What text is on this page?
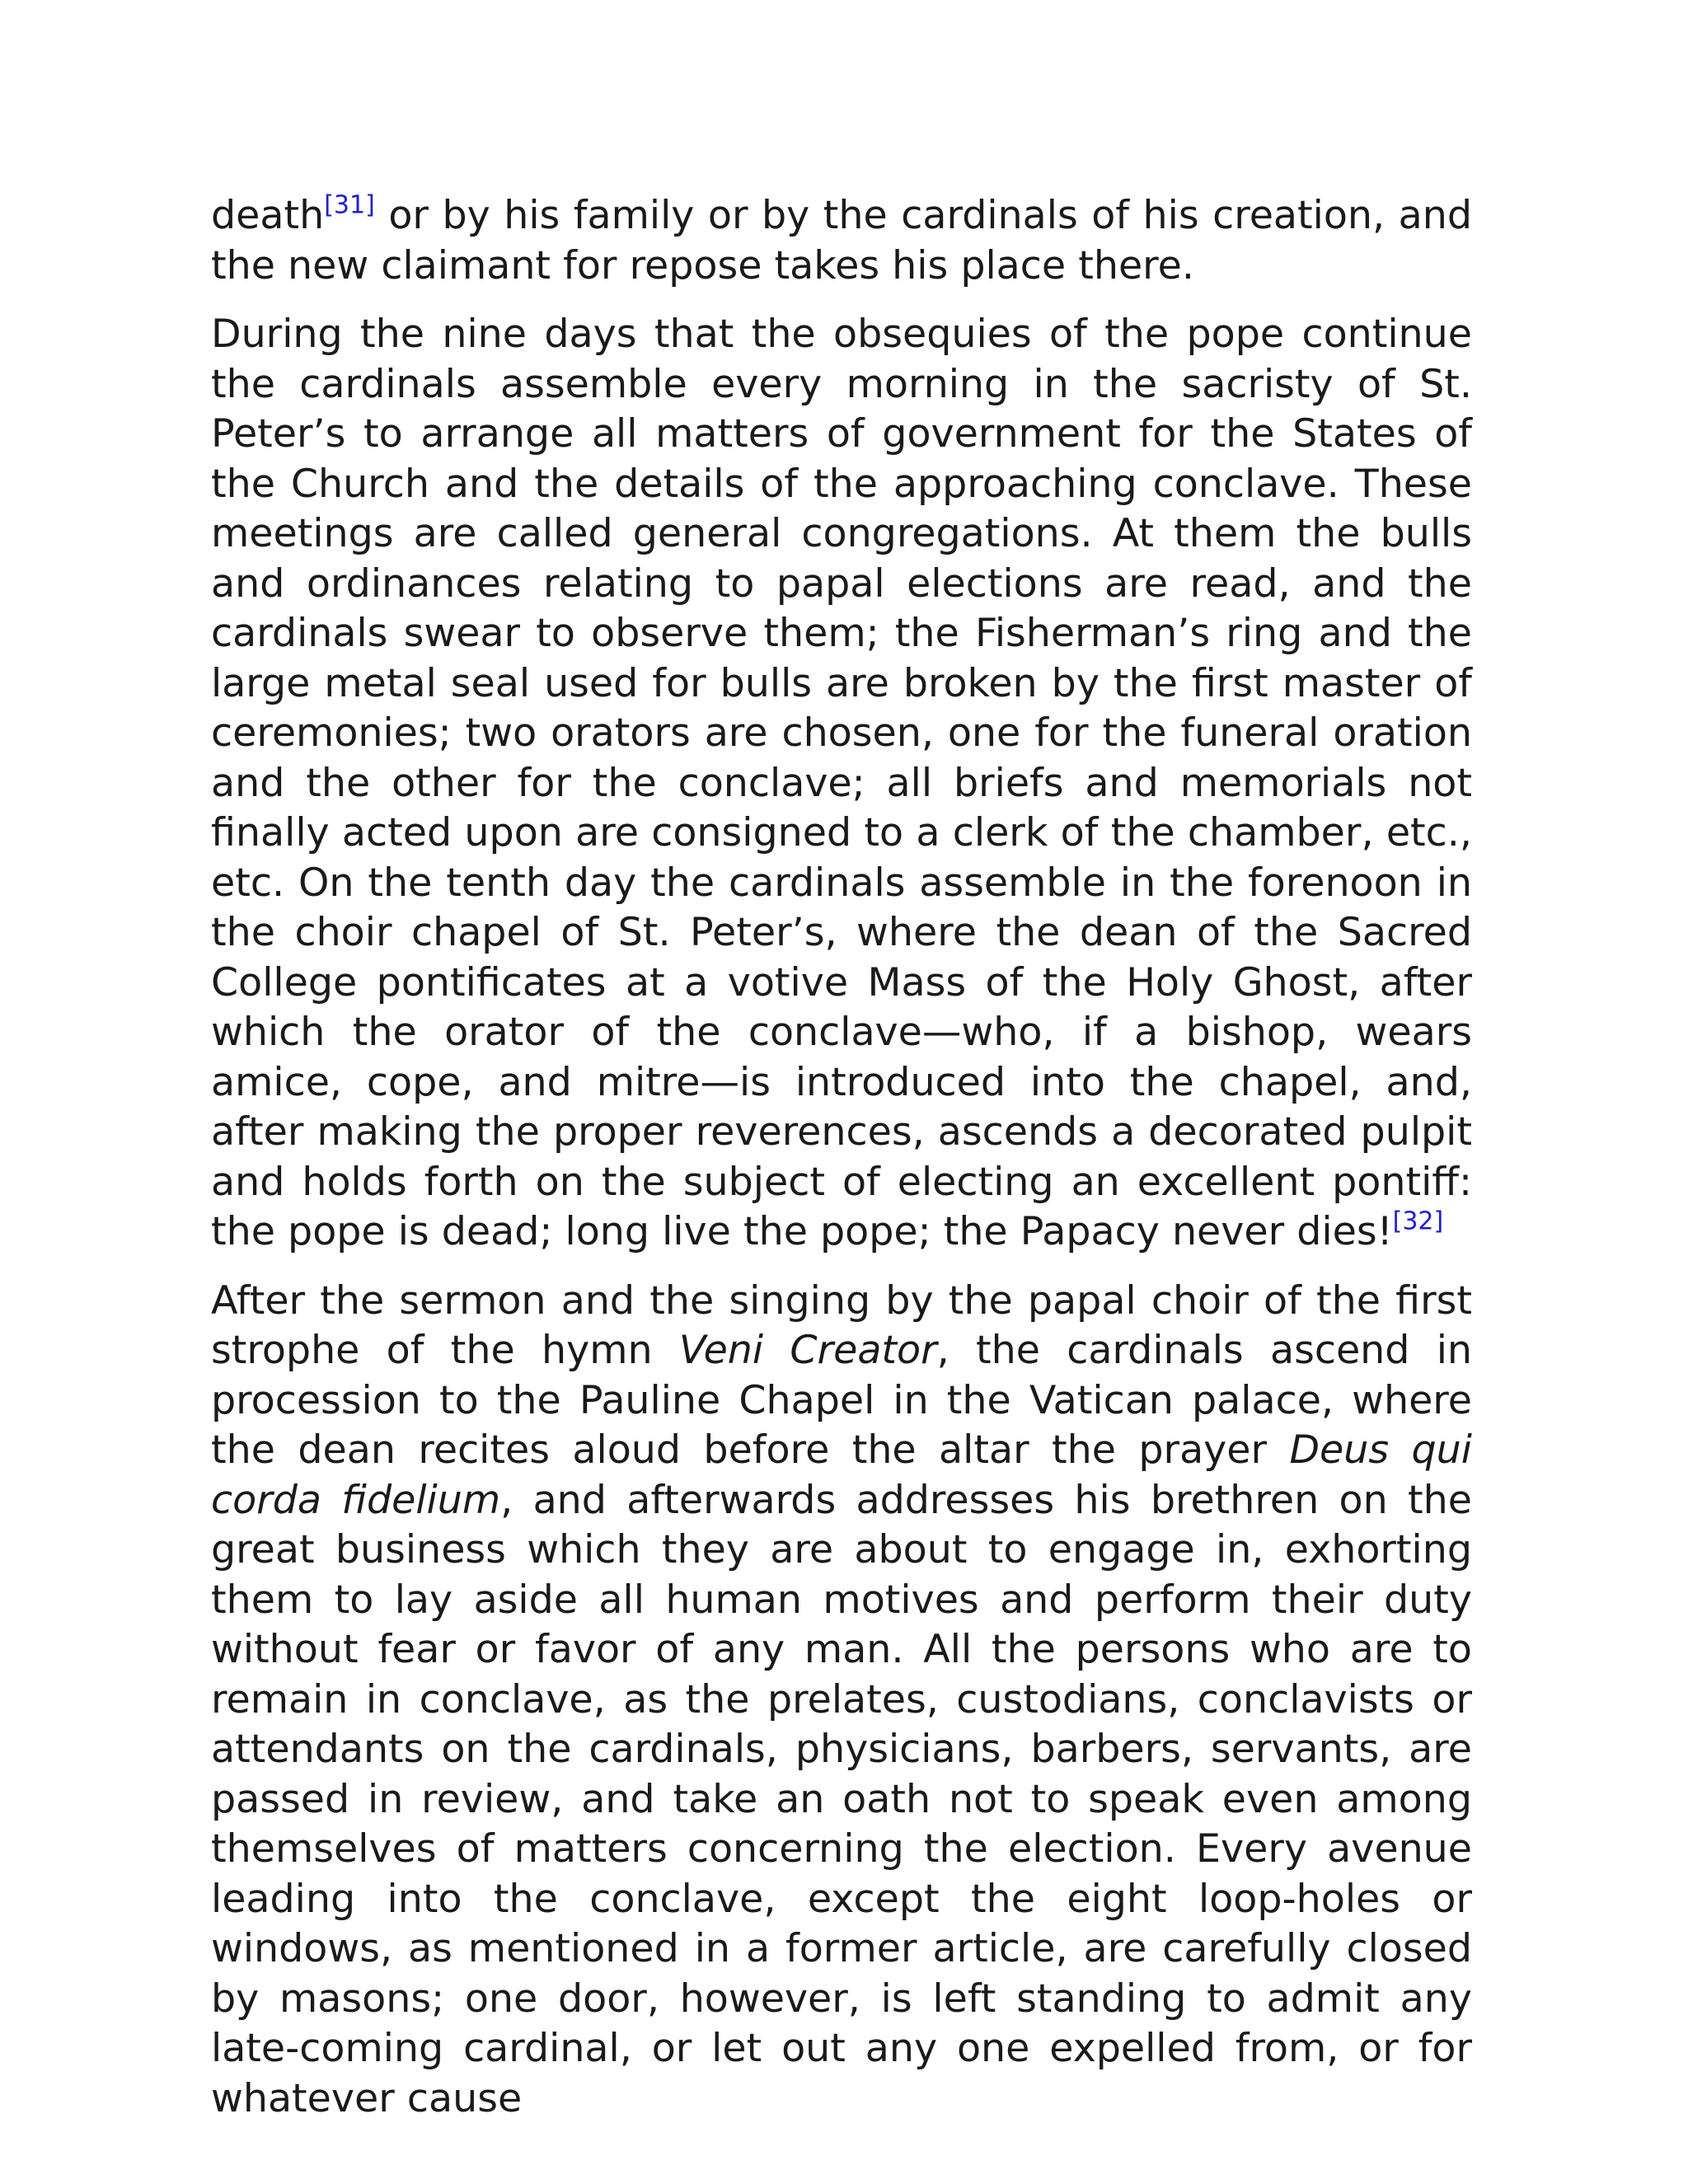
death[31] or by his family or by the cardinals of his creation, and the new claimant for repose takes his place there.

During the nine days that the obsequies of the pope continue the cardinals assemble every morning in the sacristy of St. Peter’s to arrange all matters of government for the States of the Church and the details of the approaching conclave. These meetings are called general congregations. At them the bulls and ordinances relating to papal elections are read, and the cardinals swear to observe them; the Fisherman’s ring and the large metal seal used for bulls are broken by the first master of ceremonies; two orators are chosen, one for the funeral oration and the other for the conclave; all briefs and memorials not finally acted upon are consigned to a clerk of the chamber, etc., etc. On the tenth day the cardinals assemble in the forenoon in the choir chapel of St. Peter’s, where the dean of the Sacred College pontificates at a votive Mass of the Holy Ghost, after which the orator of the conclave—who, if a bishop, wears amice, cope, and mitre—is introduced into the chapel, and, after making the proper reverences, ascends a decorated pulpit and holds forth on the subject of electing an excellent pontiff: the pope is dead; long live the pope; the Papacy never dies![32]

After the sermon and the singing by the papal choir of the first strophe of the hymn Veni Creator, the cardinals ascend in procession to the Pauline Chapel in the Vatican palace, where the dean recites aloud before the altar the prayer Deus qui corda fidelium, and afterwards addresses his brethren on the great business which they are about to engage in, exhorting them to lay aside all human motives and perform their duty without fear or favor of any man. All the persons who are to remain in conclave, as the prelates, custodians, conclavists or attendants on the cardinals, physicians, barbers, servants, are passed in review, and take an oath not to speak even among themselves of matters concerning the election. Every avenue leading into the conclave, except the eight loop-holes or windows, as mentioned in a former article, are carefully closed by masons; one door, however, is left standing to admit any late-coming cardinal, or let out any one expelled from, or for whatever cause
